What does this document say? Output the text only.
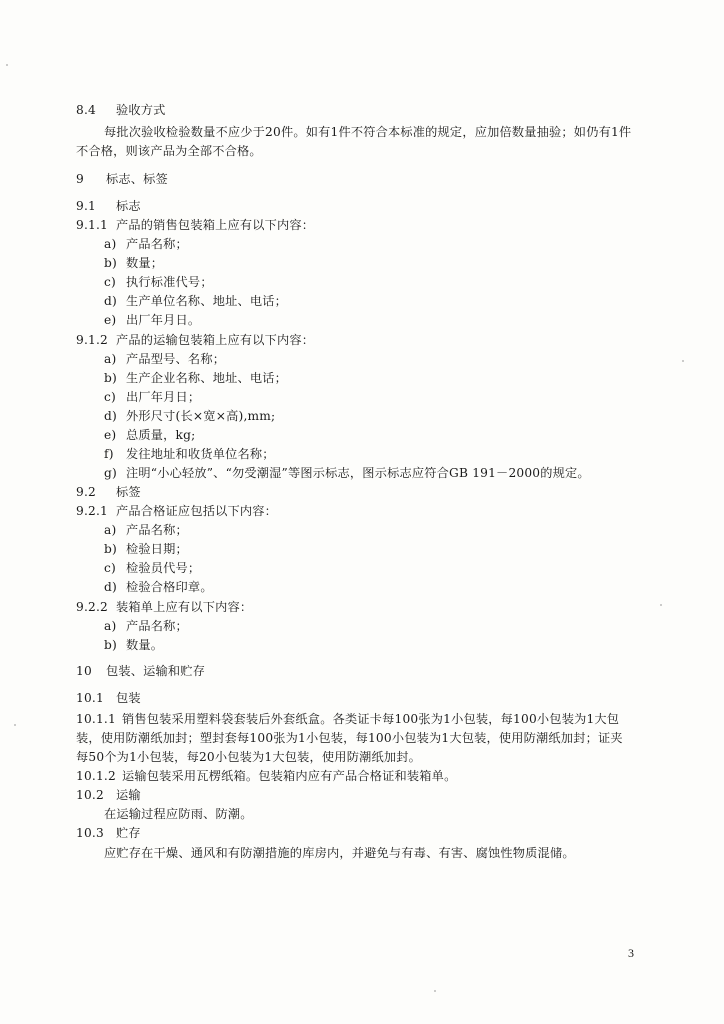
8.4 验收方式
每批次验收检验数量不应少于20件。如有1件不符合本标准的规定，应加倍数量抽验；如仍有1件
不合格，则该产品为全部不合格。
9 标志、标签
9.1 标志
9.1.1 产品的销售包装箱上应有以下内容：
a) 产品名称；
b) 数量；
c) 执行标准代号；
d) 生产单位名称、地址、电话；
e) 出厂年月日。
9.1.2 产品的运输包装箱上应有以下内容：
a) 产品型号、名称；
b) 生产企业名称、地址、电话；
c) 出厂年月日；
d) 外形尺寸(长×宽×高),mm;
e) 总质量，kg;
f) 发往地址和收货单位名称；
g) 注明“小心轻放”、“勿受潮湿”等图示标志，图示标志应符合GB 191－2000的规定。
9.2 标签
9.2.1 产品合格证应包括以下内容：
a) 产品名称；
b) 检验日期；
c) 检验员代号；
d) 检验合格印章。
9.2.2 装箱单上应有以下内容：
a) 产品名称；
b) 数量。
10 包装、运输和贮存
10.1 包装
10.1.1 销售包装采用塑料袋套装后外套纸盒。各类证卡每100张为1小包装，每100小包装为1大包
装，使用防潮纸加封；塑封套每100张为1小包装，每100小包装为1大包装，使用防潮纸加封；证夹
每50个为1小包装，每20小包装为1大包装，使用防潮纸加封。
10.1.2 运输包装采用瓦楞纸箱。包装箱内应有产品合格证和装箱单。
10.2 运输
在运输过程应防雨、防潮。
10.3 贮存
应贮存在干燥、通风和有防潮措施的库房内，并避免与有毒、有害、腐蚀性物质混储。
3
